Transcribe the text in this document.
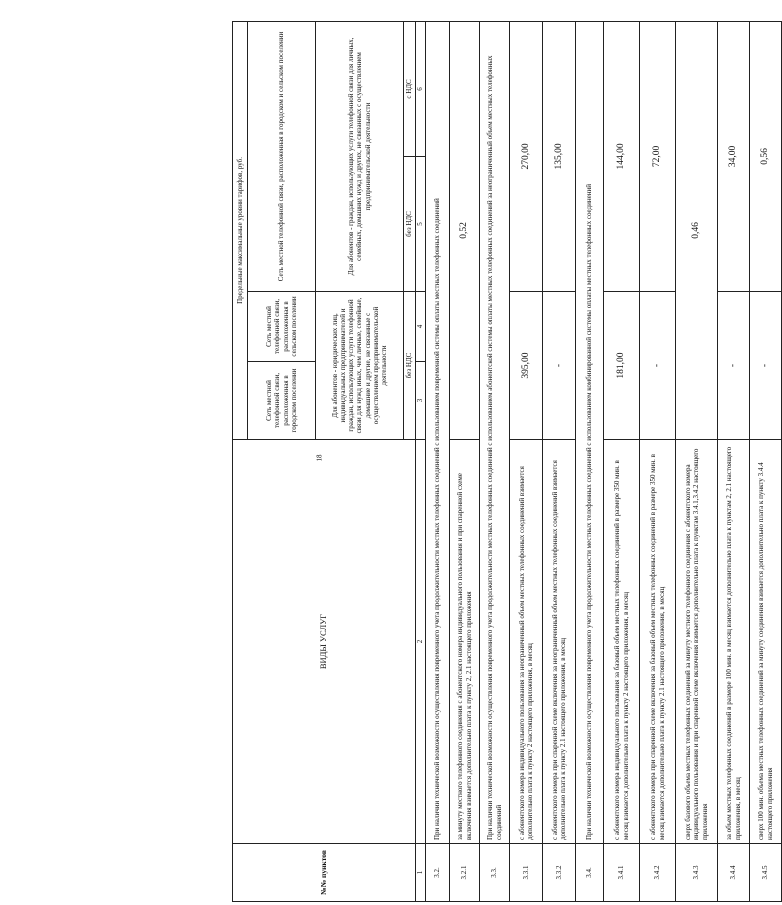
18
№№ пунктов	ВИДЫ УСЛУГ	Предельные максимальные уровни тарифов, руб.			
		Сеть местной телефонной связи, расположенная в городском поселении	Сеть местной телефонной связи, расположенная в сельском поселении	Сеть местной телефонной связи, расположенная в городском и сельском поселении	
		Для абонентов - юридических лиц, индивидуальных предпринимателей и граждан, использующих услуги телефонной связи для нужд иных, чем личные, семейные, домашние и другие, не связанные с осуществлением предпринимательской деятельности		Для абонентов - граждан, использующих услуги телефонной связи для личных, семейных, домашних нужд и других, не связанных с осуществлением предпринимательской деятельности	
		без НДС		без НДС	с НДС
1	2	3	4	5	6
3.2.	При наличии технической возможности осуществления повременного учета продолжительности местных телефонных соединений с использованием повременной системы оплаты местных телефонных соединений				
3.2.1	за минуту местного телефонного соединения с абонентского номера индивидуального пользования и при спаренной схеме включения взимается дополнительно плата к пункту 2, 2.1 настоящего приложения	0,52			
3.3.	При наличии технической возможности осуществления повременного учета продолжительности местных телефонных соединений с использованием абонентской системы оплаты местных телефонных соединений за неограниченный объем местных телефонных соединений				
3.3.1	с абонентского номера индивидуального пользования за неограниченный объем местных телефонных соединений взимается дополнительно плата к пункту 2 настоящего приложения, в месяц	395,00		270,00	
3.3.2	с абонентского номера при спаренной схеме включения за неограниченный объем местных телефонных соединений взимается дополнительно плата к пункту 2.1 настоящего приложения, в месяц	-		135,00	
3.4.	При наличии технической возможности осуществления повременного учета продолжительности местных телефонных соединений с использованием комбинированной системы оплаты местных телефонных соединений				
3.4.1	с абонентского номера индивидуального пользования за базовый объем местных телефонных соединений в размере 350 мин. в месяц взимается дополнительно плата к пункту 2 настоящего приложения, в месяц	181,00		144,00	
3.4.2	с абонентского номера при спаренной схеме включения за базовый объем местных телефонных соединений в размере 350 мин. в месяц взимается дополнительно плата к пункту 2.1 настоящего приложения, в месяц	-		72,00	
3.4.3	сверх базового объема местных телефонных соединений за минуту местного телефонного соединения с абонентского номера индивидуального пользования и при спаренной схеме включения взимается дополнительно плата к пунктам 3.4.1,3.4.2 настоящего приложения	0,46			
3.4.4	за объем местных телефонных соединений в размере 100 мин. в месяц взимается дополнительно плата к пунктам 2, 2.1 настоящего приложения, в месяц	-		34,00	
3.4.5	сверх 100 мин. объема местных телефонных соединений за минуту соединения взимается дополнительно плата к пункту 3.4.4 настоящего приложения	-		0,56	
